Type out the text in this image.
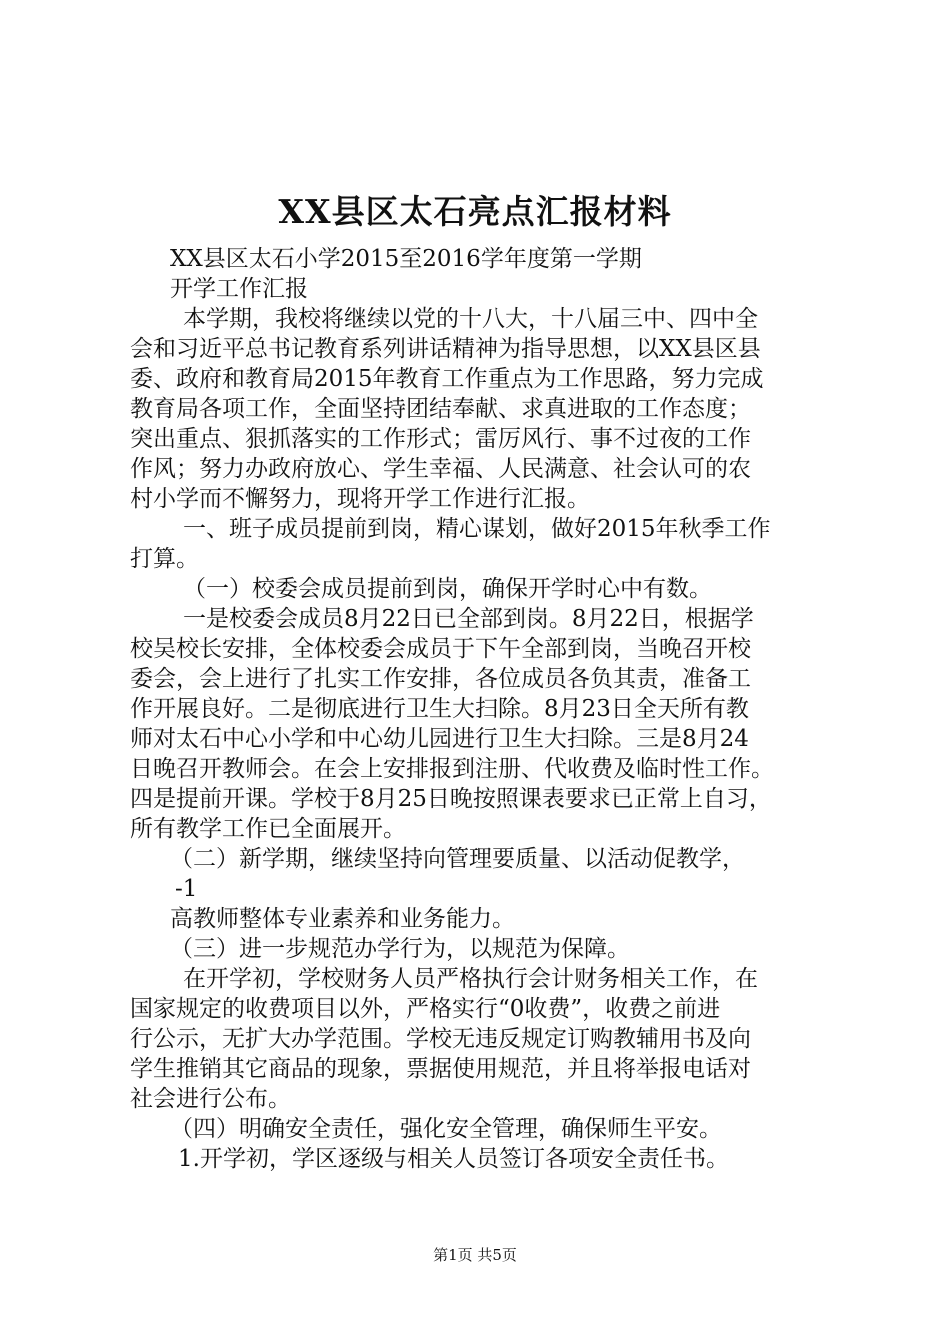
XX县区太石亮点汇报材料
XX县区太石小学2015至2016学年度第一学期
开学工作汇报
本学期，我校将继续以党的十八大，十八届三中、四中全
会和习近平总书记教育系列讲话精神为指导思想，以XX县区县
委、政府和教育局2015年教育工作重点为工作思路，努力完成
教育局各项工作，全面坚持团结奉献、求真进取的工作态度；
突出重点、狠抓落实的工作形式；雷厉风行、事不过夜的工作
作风；努力办政府放心、学生幸福、人民满意、社会认可的农
村小学而不懈努力，现将开学工作进行汇报。
一、班子成员提前到岗，精心谋划，做好2015年秋季工作
打算。
（一）校委会成员提前到岗，确保开学时心中有数。
一是校委会成员8月22日已全部到岗。8月22日，根据学
校吴校长安排，全体校委会成员于下午全部到岗，当晚召开校
委会，会上进行了扎实工作安排，各位成员各负其责，准备工
作开展良好。二是彻底进行卫生大扫除。8月23日全天所有教
师对太石中心小学和中心幼儿园进行卫生大扫除。三是8月24
日晚召开教师会。在会上安排报到注册、代收费及临时性工作。
四是提前开课。学校于8月25日晚按照课表要求已正常上自习，
所有教学工作已全面展开。
（二）新学期，继续坚持向管理要质量、以活动促教学，
-1
高教师整体专业素养和业务能力。
（三）进一步规范办学行为，以规范为保障。
在开学初，学校财务人员严格执行会计财务相关工作，在
国家规定的收费项目以外，严格实行“0收费”，收费之前进
行公示，无扩大办学范围。学校无违反规定订购教辅用书及向
学生推销其它商品的现象，票据使用规范，并且将举报电话对
社会进行公布。
（四）明确安全责任，强化安全管理，确保师生平安。
1.开学初，学区逐级与相关人员签订各项安全责任书。
第1页 共5页
